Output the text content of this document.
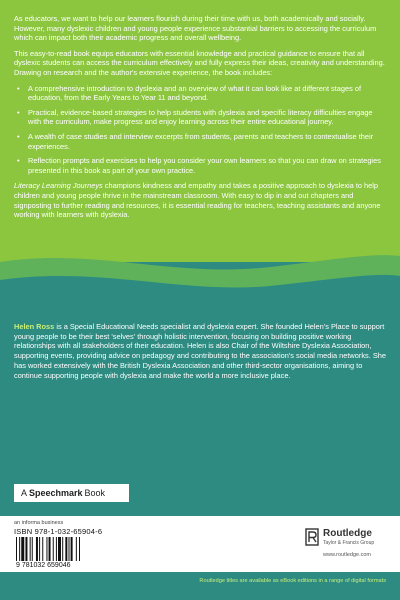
As educators, we want to help our learners flourish during their time with us, both academically and socially. However, many dyslexic children and young people experience substantial barriers to accessing the curriculum which can impact both their academic progress and overall wellbeing.

This easy-to-read book equips educators with essential knowledge and practical guidance to ensure that all dyslexic students can access the curriculum effectively and fully express their ideas, creativity and understanding. Drawing on research and the author's extensive experience, the book includes:

• A comprehensive introduction to dyslexia and an overview of what it can look like at different stages of education, from the Early Years to Year 11 and beyond.
• Practical, evidence-based strategies to help students with dyslexia and specific literacy difficulties engage with the curriculum, make progress and enjoy learning across their entire educational journey.
• A wealth of case studies and interview excerpts from students, parents and teachers to contextualise their experiences.
• Reflection prompts and exercises to help you consider your own learners so that you can draw on strategies presented in this book as part of your own practice.

Literacy Learning Journeys champions kindness and empathy and takes a positive approach to dyslexia to help children and young people thrive in the mainstream classroom. With easy to dip in and out chapters and signposting to further reading and resources, it is essential reading for teachers, teaching assistants and anyone working with learners with dyslexia.

Helen Ross is a Special Educational Needs specialist and dyslexia expert. She founded Helen's Place to support young people to be their best 'selves' through holistic intervention, focusing on building positive working relationships with all stakeholders of their education. Helen is also Chair of the Wiltshire Dyslexia Association, supporting events, providing advice on pedagogy and contributing to the association's social media networks. She has worked extensively with the British Dyslexia Association and other third-sector organisations, aiming to continue supporting people with dyslexia and make the world a more inclusive place.

A Speechmark Book
an informa business
ISBN 978-1-032-65904-6
9 781032 659046
Routledge
Taylor & Francis Group
www.routledge.com
Routledge titles are available as eBook editions in a range of digital formats
